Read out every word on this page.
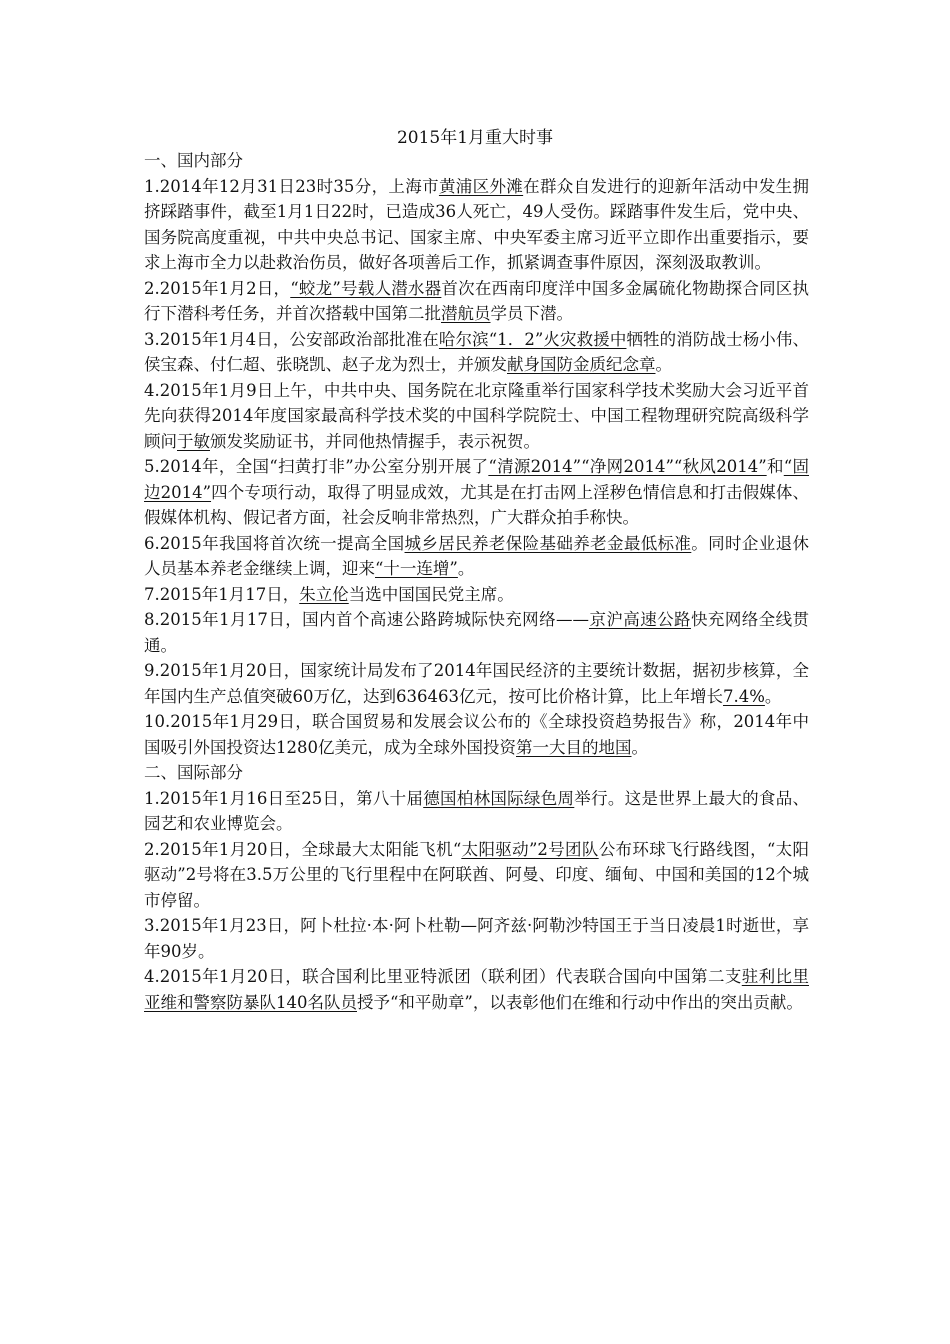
2015年1月重大时事

一、国内部分

1.2014年12月31日23时35分，上海市黄浦区外滩在群众自发进行的迎新年活动中发生拥挤踩踏事件，截至1月1日22时，已造成36人死亡，49人受伤。踩踏事件发生后，党中央、国务院高度重视，中共中央总书记、国家主席、中央军委主席习近平立即作出重要指示，要求上海市全力以赴救治伤员，做好各项善后工作，抓紧调查事件原因，深刻汲取教训。

2.2015年1月2日，“蛟龙”号载人潜水器首次在西南印度洋中国多金属硫化物勘探合同区执行下潜科考任务，并首次搭载中国第二批潜航员学员下潜。

3.2015年1月4日，公安部政治部批准在哈尔滨“1．2”火灾救援中牺牲的消防战士杨小伟、侯宝森、付仁超、张晓凯、赵子龙为烈士，并颁发献身国防金质纪念章。

4.2015年1月9日上午，中共中央、国务院在北京隆重举行国家科学技术奖励大会习近平首先向获得2014年度国家最高科学技术奖的中国科学院院士、中国工程物理研究院高级科学顾问于敏颁发奖励证书，并同他热情握手，表示祝贺。

5.2014年，全国“扫黄打非”办公室分别开展了“清源2014”“净网2014”“秋风2014”和“固边2014”四个专项行动，取得了明显成效，尤其是在打击网上淫秽色情信息和打击假媒体、假媒体机构、假记者方面，社会反响非常热烈，广大群众拍手称快。

6.2015年我国将首次统一提高全国城乡居民养老保险基础养老金最低标准。同时企业退休人员基本养老金继续上调，迎来“十一连增”。

7.2015年1月17日，朱立伦当选中国国民党主席。

8.2015年1月17日，国内首个高速公路跨城际快充网络——京沪高速公路快充网络全线贯通。

9.2015年1月20日，国家统计局发布了2014年国民经济的主要统计数据，据初步核算，全年国内生产总值突破60万亿，达到636463亿元，按可比价格计算，比上年增长7.4%。

10.2015年1月29日，联合国贸易和发展会议公布的《全球投资趋势报告》称，2014年中国吸引外国投资达1280亿美元，成为全球外国投资第一大目的地国。

二、国际部分

1.2015年1月16日至25日，第八十届德国柏林国际绿色周举行。这是世界上最大的食品、园艺和农业博览会。

2.2015年1月20日，全球最大太阳能飞机“太阳驱动”2号团队公布环球飞行路线图，“太阳驱动”2号将在3.5万公里的飞行里程中在阿联酋、阿曼、印度、缅甸、中国和美国的12个城市停留。

3.2015年1月23日，阿卜杜拉·本·阿卜杜勒—阿齐兹·阿勒沙特国王于当日凌晨1时逝世，享年90岁。

4.2015年1月20日，联合国利比里亚特派团（联利团）代表联合国向中国第二支驻利比里亚维和警察防暴队140名队员授予“和平勋章”，以表彰他们在维和行动中作出的突出贡献。
